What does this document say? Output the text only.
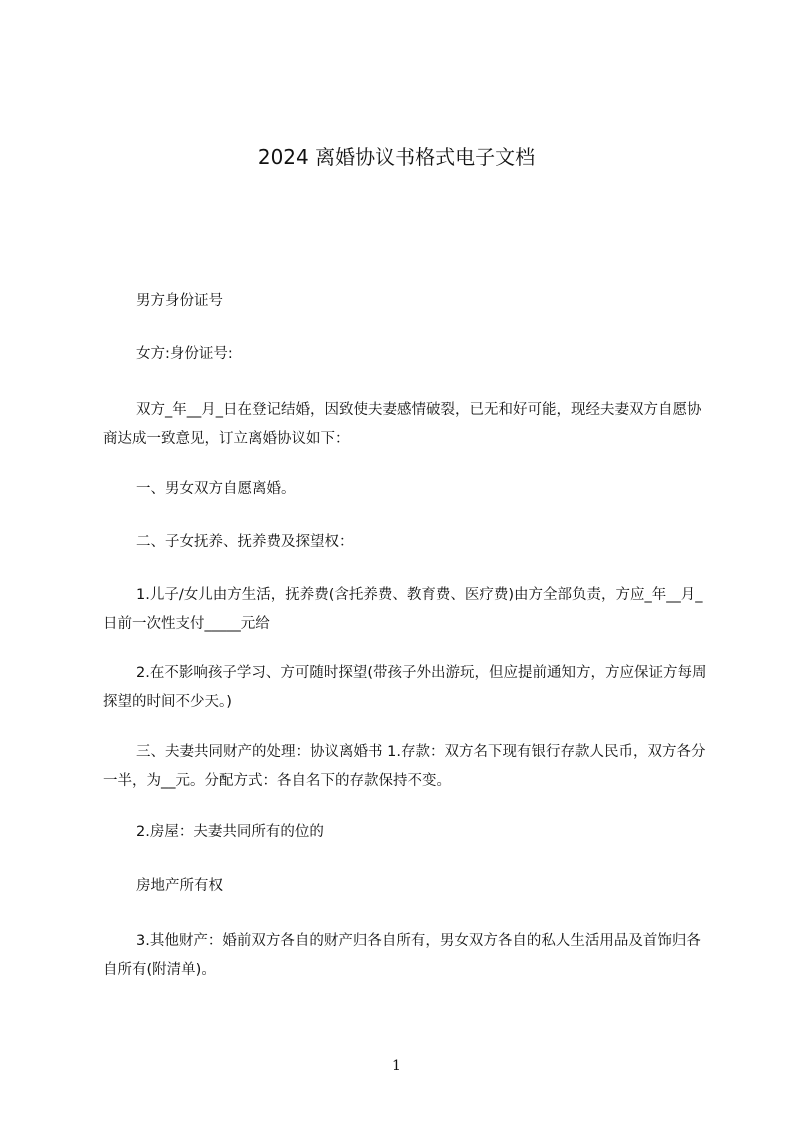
2024 离婚协议书格式电子文档

男方身份证号

女方:身份证号:

双方_年__月_日在登记结婚，因致使夫妻感情破裂，已无和好可能，现经夫妻双方自愿协商达成一致意见，订立离婚协议如下：

一、男女双方自愿离婚。

二、子女抚养、抚养费及探望权：

1.儿子/女儿由方生活，抚养费(含托养费、教育费、医疗费)由方全部负责，方应_年__月_日前一次性支付_____元给

2.在不影响孩子学习、方可随时探望(带孩子外出游玩，但应提前通知方，方应保证方每周探望的时间不少天。)

三、夫妻共同财产的处理：协议离婚书 1.存款：双方名下现有银行存款人民币，双方各分一半，为__元。分配方式：各自名下的存款保持不变。

2.房屋：夫妻共同所有的位的

房地产所有权

3.其他财产：婚前双方各自的财产归各自所有，男女双方各自的私人生活用品及首饰归各自所有(附清单)。

1
